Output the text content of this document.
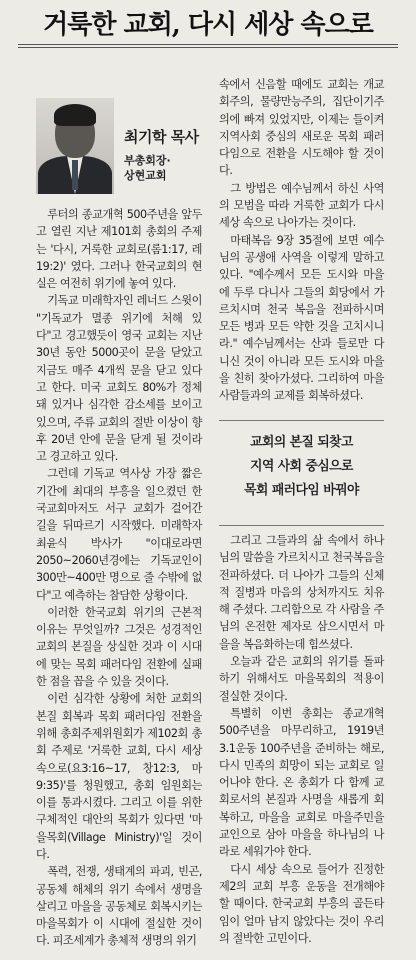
거룩한 교회, 다시 세상 속으로
최기학 목사
부총회장·
상현교회

루터의 종교개혁 500주년을 앞두고 열린 지난 제101회 총회의 주제는 '다시, 거룩한 교회로(롬1:17, 레19:2)' 였다. 그러나 한국교회의 현실은 여전히 위기에 놓여 있다.

기독교 미래학자인 레너드 스윗이 "기독교가 멸종 위기에 처해 있다"고 경고했듯이 영국 교회는 지난 30년 동안 5000곳이 문을 닫았고 지금도 매주 4개씩 문을 닫고 있다고 한다. 미국 교회도 80%가 정체돼 있거나 심각한 감소세를 보이고 있으며, 주류 교회의 절반 이상이 향후 20년 안에 문을 닫게 될 것이라고 경고하고 있다.

그런데 기독교 역사상 가장 짧은 기간에 최대의 부흥을 일으켰던 한국교회마저도 서구 교회가 걸어간 길을 뒤따르기 시작했다. 미래학자 최윤식 박사가 "이대로라면 2050~2060년경에는 기독교인이 300만~400만 명으로 줄 수밖에 없다"고 예측하는 참담한 상황이다.

이러한 한국교회 위기의 근본적 이유는 무엇일까? 그것은 성경적인 교회의 본질을 상실한 것과 이 시대에 맞는 목회 패러다임 전환에 실패한 점을 꼽을 수 있을 것이다.

이런 심각한 상황에 처한 교회의 본질 회복과 목회 패러다임 전환을 위해 총회주제위원회가 제102회 총회 주제로 '거룩한 교회, 다시 세상 속으로(요3:16~17, 창12:3, 마9:35)'를 청원했고, 총회 임원회는 이를 통과시켰다. 그리고 이를 위한 구체적인 대안의 목회가 있다면 '마을목회(Village Ministry)'일 것이다.

폭력, 전쟁, 생태계의 파괴, 빈곤, 공동체 해체의 위기 속에서 생명을 살리고 마을을 공동체로 회복시키는 마을목회가 이 시대에 절실한 것이다. 피조세계가 총체적 생명의 위기

속에서 신음할 때에도 교회는 개교회주의, 물량만능주의, 집단이기주의에 빠져 있었지만, 이제는 들이켜 지역사회 중심의 새로운 목회 패러다임으로 전환을 시도해야 할 것이다.

그 방법은 예수님께서 하신 사역의 모범을 따라 거룩한 교회가 다시 세상 속으로 나아가는 것이다.

마태복음 9장 35절에 보면 예수님의 공생애 사역을 이렇게 말하고 있다. "예수께서 모든 도시와 마을에 두루 다니사 그들의 회당에서 가르치시며 천국 복음을 전파하시며 모든 병과 모든 약한 것을 고치시니라." 예수님께서는 산과 들로만 다니신 것이 아니라 모든 도시와 마을을 친히 찾아가셨다. 그리하여 마을 사람들과의 교제를 회복하셨다.

교회의 본질 되찾고
지역 사회 중심으로
목회 패러다임 바꿔야

그리고 그들과의 삶 속에서 하나님의 말씀을 가르치시고 천국복음을 전파하셨다. 더 나아가 그들의 신체적 질병과 마음의 상처까지도 치유해 주셨다. 그리함으로 각 사람을 주님의 온전한 제자로 삼으시면서 마을을 복음화하는데 힘쓰셨다.

오늘과 같은 교회의 위기를 돌파하기 위해서도 마을목회의 적용이 절실한 것이다.

특별히 이번 총회는 종교개혁 500주년을 마무리하고, 1919년 3.1운동 100주년을 준비하는 해로, 다시 민족의 희망이 되는 교회로 일어나야 한다. 온 총회가 다 함께 교회로서의 본질과 사명을 새롭게 회복하고, 마을을 교회로 마을주민을 교인으로 삼아 마을을 하나님의 나라로 세워가야 한다.

다시 세상 속으로 들어가 진정한 제2의 교회 부흥 운동을 전개해야 할 때이다. 한국교회 부흥의 골든타임이 얼마 남지 않았다는 것이 우리의 절박한 고민이다.
